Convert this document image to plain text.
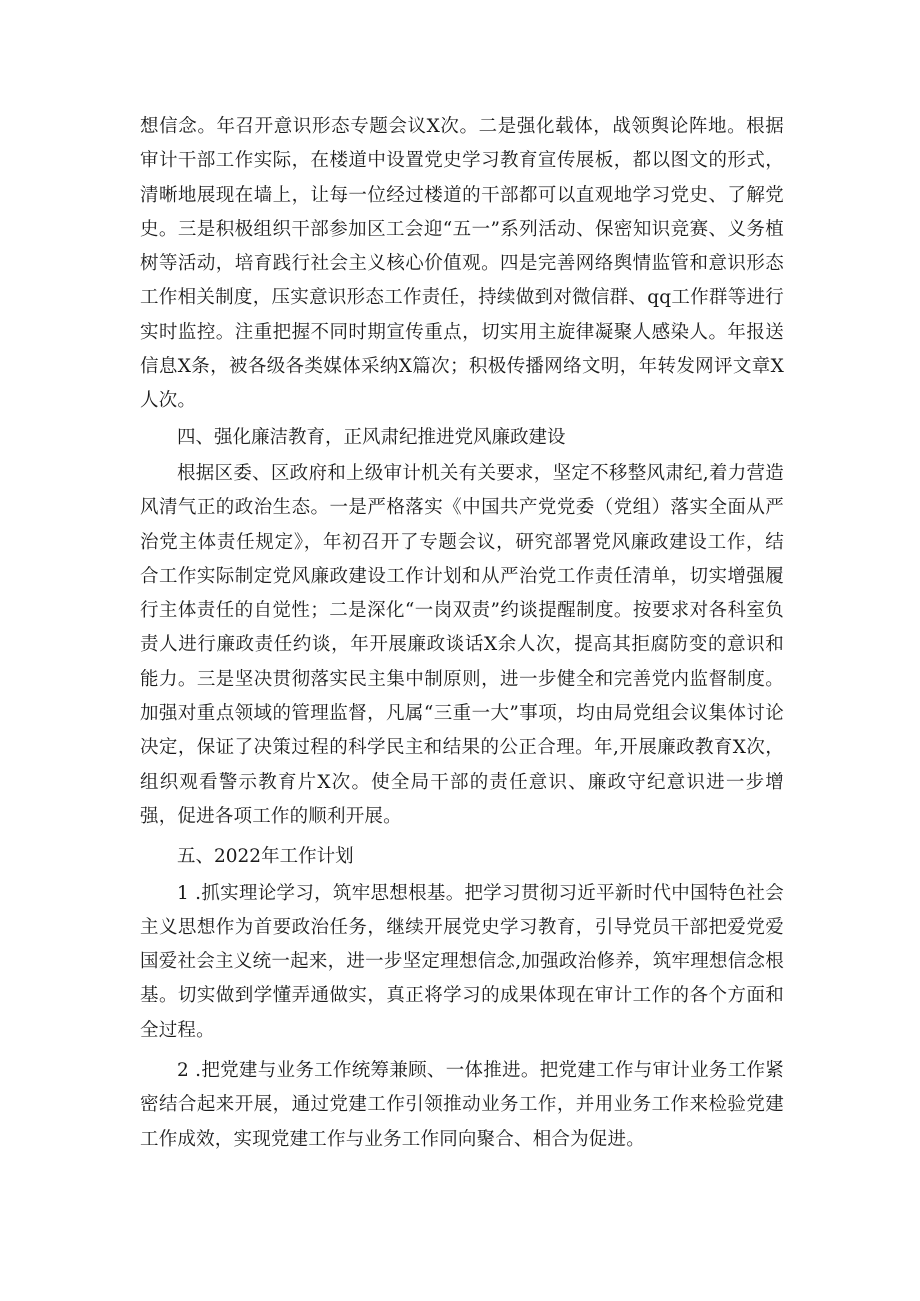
想信念。年召开意识形态专题会议X次。二是强化载体，战领舆论阵地。根据审计干部工作实际，在楼道中设置党史学习教育宣传展板，都以图文的形式，清晰地展现在墙上，让每一位经过楼道的干部都可以直观地学习党史、了解党史。三是积极组织干部参加区工会迎“五一”系列活动、保密知识竞赛、义务植树等活动，培育践行社会主义核心价值观。四是完善网络舆情监管和意识形态工作相关制度，压实意识形态工作责任，持续做到对微信群、qq工作群等进行实时监控。注重把握不同时期宣传重点，切实用主旋律凝聚人感染人。年报送信息X条，被各级各类媒体采纳X篇次；积极传播网络文明，年转发网评文章X人次。

四、强化廉洁教育，正风肃纪推进党风廉政建设

根据区委、区政府和上级审计机关有关要求，坚定不移整风肃纪,着力营造风清气正的政治生态。一是严格落实《中国共产党党委（党组）落实全面从严治党主体责任规定》，年初召开了专题会议，研究部署党风廉政建设工作，结合工作实际制定党风廉政建设工作计划和从严治党工作责任清单，切实增强履行主体责任的自觉性；二是深化“一岗双责”约谈提醒制度。按要求对各科室负责人进行廉政责任约谈，年开展廉政谈话X余人次，提高其拒腐防变的意识和能力。三是坚决贯彻落实民主集中制原则，进一步健全和完善党内监督制度。加强对重点领域的管理监督，凡属“三重一大”事项，均由局党组会议集体讨论决定，保证了决策过程的科学民主和结果的公正合理。年,开展廉政教育X次，组织观看警示教育片X次。使全局干部的责任意识、廉政守纪意识进一步增强，促进各项工作的顺利开展。

五、2022年工作计划

1 .抓实理论学习，筑牢思想根基。把学习贯彻习近平新时代中国特色社会主义思想作为首要政治任务，继续开展党史学习教育，引导党员干部把爱党爱国爱社会主义统一起来，进一步坚定理想信念,加强政治修养，筑牢理想信念根基。切实做到学懂弄通做实，真正将学习的成果体现在审计工作的各个方面和全过程。

2 .把党建与业务工作统筹兼顾、一体推进。把党建工作与审计业务工作紧密结合起来开展，通过党建工作引领推动业务工作，并用业务工作来检验党建工作成效，实现党建工作与业务工作同向聚合、相合为促进。
